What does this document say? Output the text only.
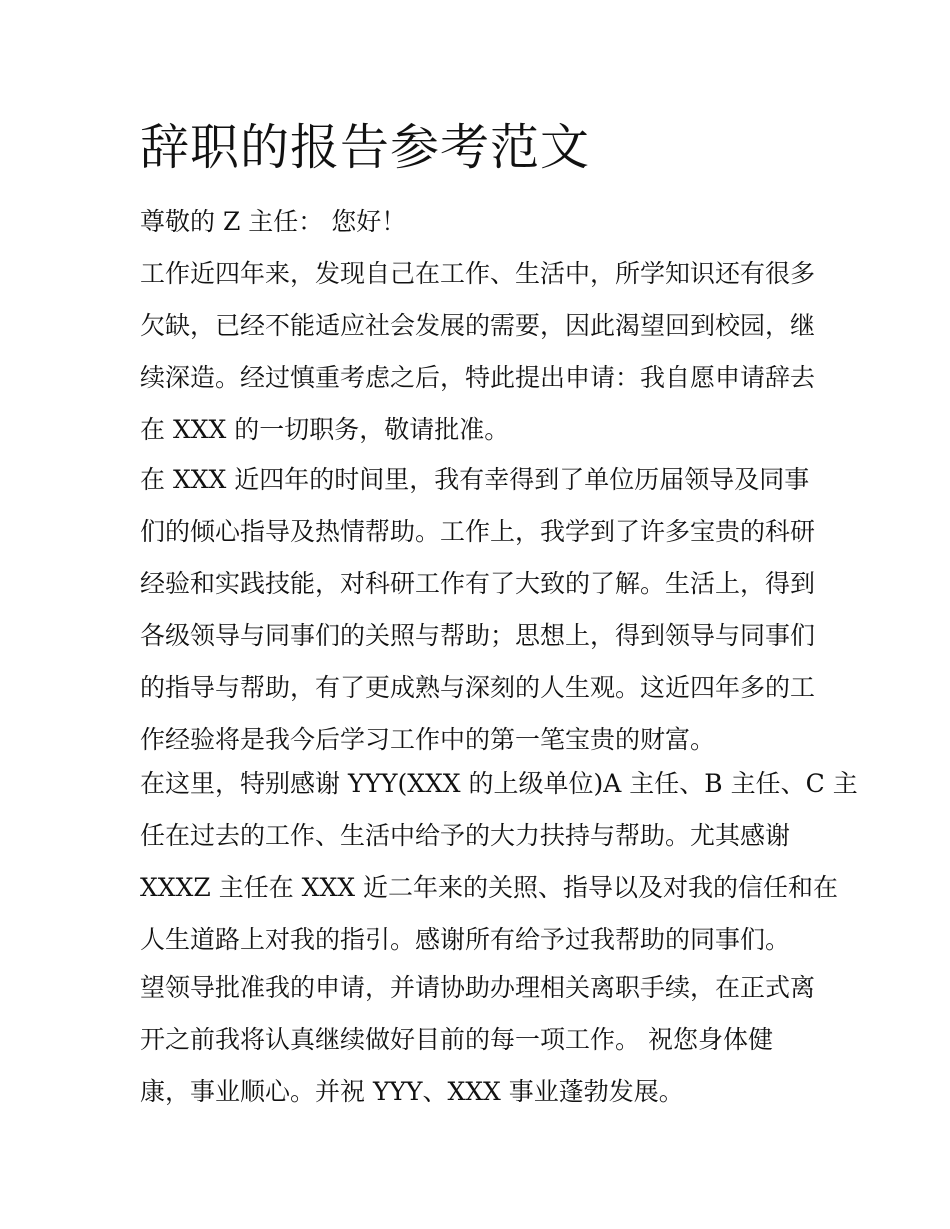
辞职的报告参考范文

尊敬的 Z 主任： 您好！

工作近四年来，发现自己在工作、生活中，所学知识还有很多
欠缺，已经不能适应社会发展的需要，因此渴望回到校园，继
续深造。经过慎重考虑之后，特此提出申请：我自愿申请辞去
在 XXX 的一切职务，敬请批准。

在 XXX 近四年的时间里，我有幸得到了单位历届领导及同事
们的倾心指导及热情帮助。工作上，我学到了许多宝贵的科研
经验和实践技能，对科研工作有了大致的了解。生活上，得到
各级领导与同事们的关照与帮助；思想上，得到领导与同事们
的指导与帮助，有了更成熟与深刻的人生观。这近四年多的工
作经验将是我今后学习工作中的第一笔宝贵的财富。

在这里，特别感谢 YYY(XXX 的上级单位)A 主任、B 主任、C 主
任在过去的工作、生活中给予的大力扶持与帮助。尤其感谢
XXXZ 主任在 XXX 近二年来的关照、指导以及对我的信任和在
人生道路上对我的指引。感谢所有给予过我帮助的同事们。

望领导批准我的申请，并请协助办理相关离职手续，在正式离
开之前我将认真继续做好目前的每一项工作。 祝您身体健
康，事业顺心。并祝 YYY、XXX 事业蓬勃发展。
